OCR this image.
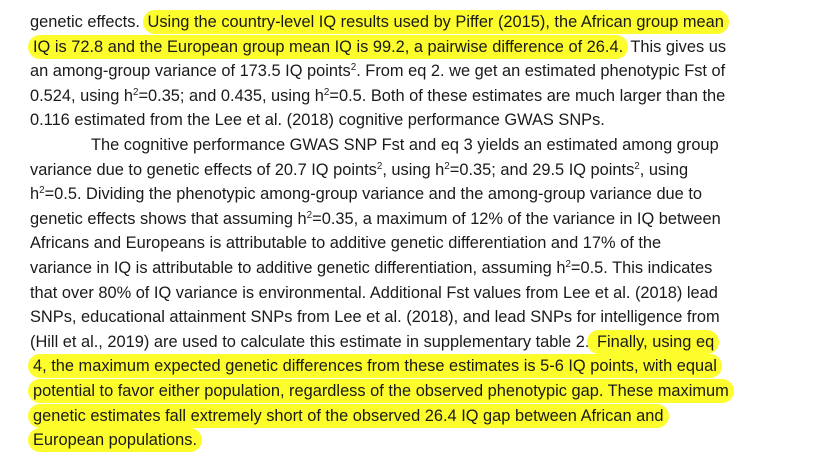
genetic effects. Using the country-level IQ results used by Piffer (2015), the African group mean
IQ is 72.8 and the European group mean IQ is 99.2, a pairwise difference of 26.4. This gives us
an among-group variance of 173.5 IQ points$^2$. From eq 2. we get an estimated phenotypic Fst of
0.524, using $h^2=0.35$; and 0.435, using $h^2=0.5$. Both of these estimates are much larger than the
0.116 estimated from the Lee et al. (2018) cognitive performance GWAS SNPs.
The cognitive performance GWAS SNP Fst and eq 3 yields an estimated among group
variance due to genetic effects of 20.7 IQ points$^2$, using $h^2=0.35$; and 29.5 IQ points$^2$, using
$h^2=0.5$. Dividing the phenotypic among-group variance and the among-group variance due to
genetic effects shows that assuming $h^2=0.35$, a maximum of 12% of the variance in IQ between
Africans and Europeans is attributable to additive genetic differentiation and 17% of the
variance in IQ is attributable to additive genetic differentiation, assuming $h^2=0.5$. This indicates
that over 80% of IQ variance is environmental. Additional Fst values from Lee et al. (2018) lead
SNPs, educational attainment SNPs from Lee et al. (2018), and lead SNPs for intelligence from
(Hill et al., 2019) are used to calculate this estimate in supplementary table 2. Finally, using eq
4, the maximum expected genetic differences from these estimates is 5-6 IQ points, with equal
potential to favor either population, regardless of the observed phenotypic gap. These maximum
genetic estimates fall extremely short of the observed 26.4 IQ gap between African and
European populations.
